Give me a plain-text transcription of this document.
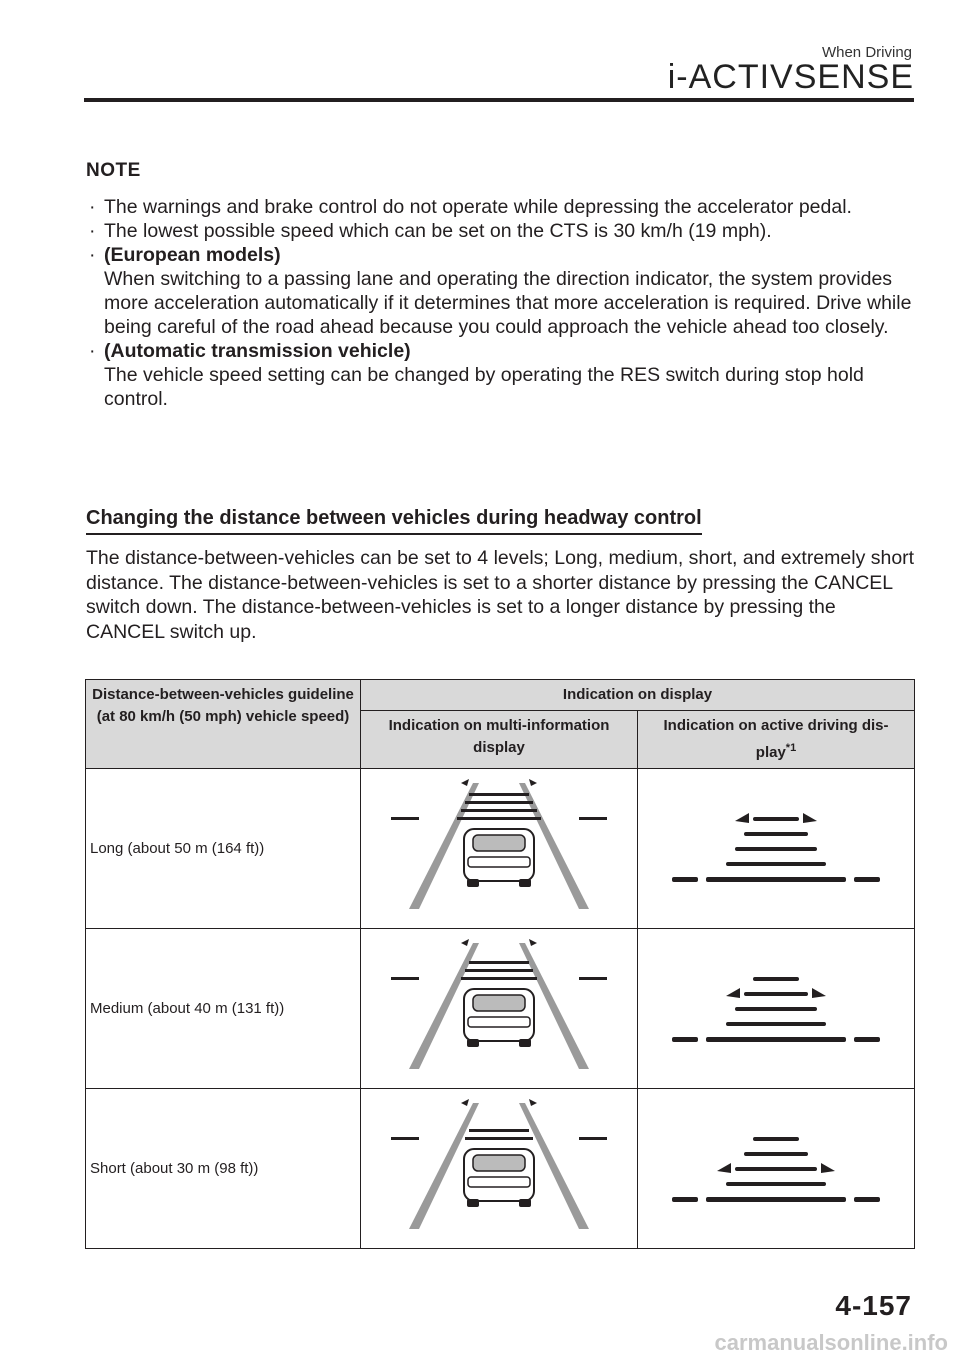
When Driving
i-ACTIVSENSE
NOTE
· The warnings and brake control do not operate while depressing the accelerator pedal.
· The lowest possible speed which can be set on the CTS is 30 km/h (19 mph).
· (European models)
When switching to a passing lane and operating the direction indicator, the system provides more acceleration automatically if it determines that more acceleration is required. Drive while being careful of the road ahead because you could approach the vehicle ahead too closely.
· (Automatic transmission vehicle)
The vehicle speed setting can be changed by operating the RES switch during stop hold control.
Changing the distance between vehicles during headway control

The distance-between-vehicles can be set to 4 levels; Long, medium, short, and extremely short distance. The distance-between-vehicles is set to a shorter distance by pressing the CANCEL switch down. The distance-between-vehicles is set to a longer distance by pressing the CANCEL switch up.

Distance-between-vehicles guideline (at 80 km/h (50 mph) vehicle speed)	Indication on display	
	Indication on multi-information display	Indication on active driving dis-play$^{*1}$
Long (about 50 m (164 ft))		
Medium (about 40 m (131 ft))		
Short (about 30 m (98 ft))		
4-157
carmanualsonline.info
